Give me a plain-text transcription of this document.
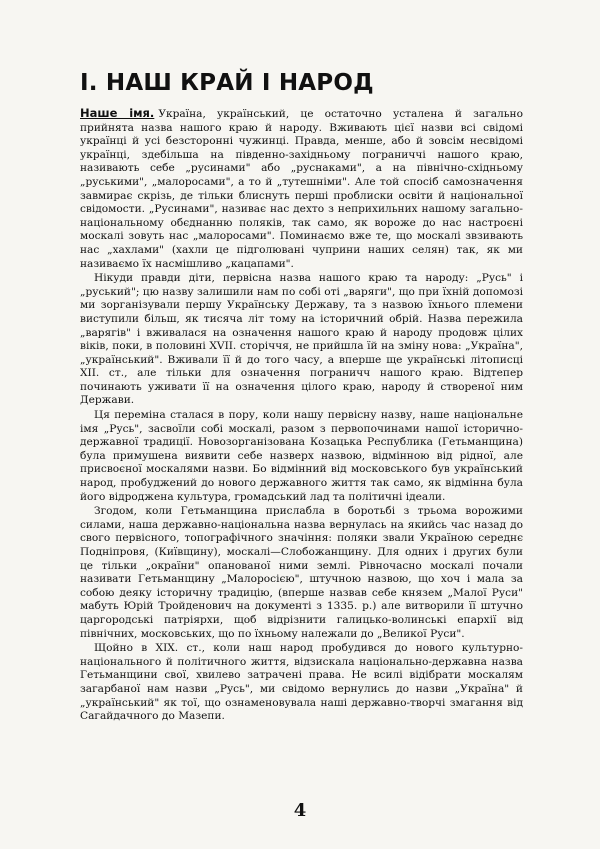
I. НАШ КРАЙ І НАРОД

Наше імя. Україна, український, це остаточно усталена й загально прийнята назва нашого краю й народу. Вживають цієї назви всі свідомі українці й усі безсторонні чужинці. Правда, менше, або й зовсім несвідомі українці, здебільша на південно-західньому пограниччі нашого краю, називають себе „русинами" або „руснаками", а на північно-східньому „руськими", „малоросами", а то й „тутешніми". Але той спосіб самозначення завмирає скрізь, де тільки блиснуть перші проблиски освіти й національної свідомости. „Русинами", називає нас дехто з неприхильних нашому загально-національному обєднанню поляків, так само, як вороже до нас настроєні москалі зовуть нас „малоросами". Поминаємо вже те, що москалі звзивають нас „хахлами" (хахли це підголювані чуприни наших селян) так, як ми називаємо їх насмішливо „кацапами".

Нікуди правди діти, первісна назва нашого краю та народу: „Русь" і „руський"; цю назву залишили нам по собі оті „варяги", що при їхній допомозі ми зорганізували першу Українську Державу, та з назвою їхнього племени виступили більш, як тисяча літ тому на історичний обрій. Назва пережила „варягів" і вживалася на означення нашого краю й народу продовж цілих віків, поки, в половині XVII. сторіччя, не прийшла їй на зміну нова: „Україна", „український". Вживали її й до того часу, а вперше ще українські літописці XII. ст., але тільки для означення пограничч нашого краю. Відтепер починають уживати її на означення цілого краю, народу й створеної ним Держави.

Ця переміна сталася в пору, коли нашу первісну назву, наше національне імя „Русь", засвоїли собі москалі, разом з первопочинами нашої історично-державної традиції. Новозорганізована Козацька Республика (Гетьманщина) була примушена виявити себе назверх назвою, відмінною від рідної, але присвоєної москалями назви. Бо відмінний від московського був український народ, пробуджений до нового державного життя так само, як відмінна була його відроджена культура, громадський лад та політичні ідеали.

Згодом, коли Гетьманщина прислабла в боротьбі з трьома ворожими силами, наша державно-національна назва вернулась на якийсь час назад до свого первісного, топографічного значіння: поляки звали Україною середнє Подніпровя, (Київщину), москалі—Слобожанщину. Для одних і других були це тільки „окраїни" опанованої ними землі. Рівночасно москалі почали називати Гетьманщину „Малоросією", штучною назвою, що хоч і мала за собою деяку історичну традицію, (вперше назвав себе князем „Малої Руси" мабуть Юрій Тройденович на документі з 1335. р.) але витворили її штучно царгородські патріярхи, щоб відрізнити галицько-волинські епархії від північних, московських, що по їхньому належали до „Великої Руси".

Щойно в XIX. ст., коли наш народ пробудився до нового культурно-національного й політичного життя, відзискала національно-державна назва Гетьманщини свої, хвилево затрачені права. Не всилі відібрати москалям загарбаної нам назви „Русь", ми свідомо вернулись до назви „Україна" й „український" як тої, що ознаменовувала наші державно-творчі змагання від Сагайдачного до Мазепи.

4
